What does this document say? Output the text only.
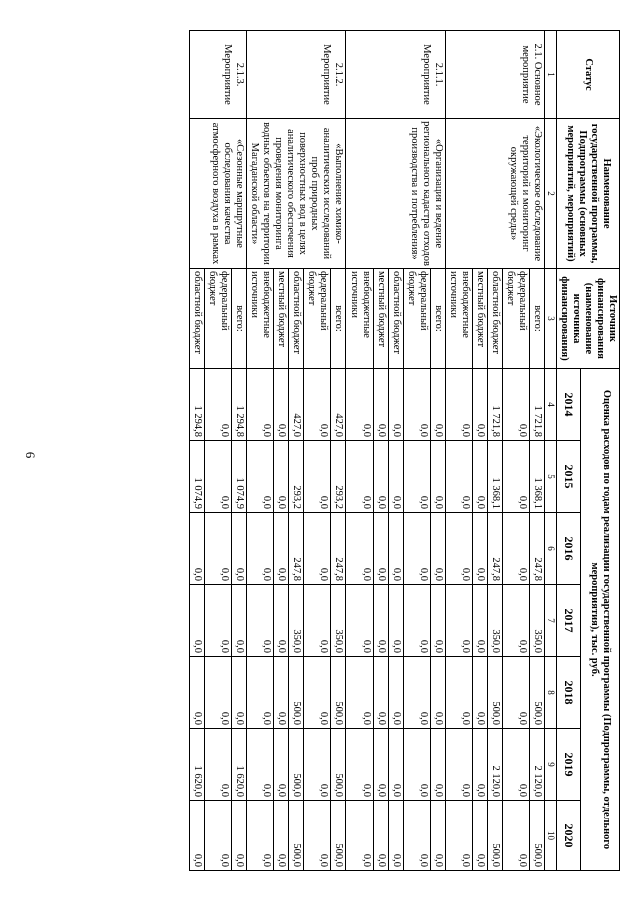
6
Статус	Наименование государственной программы, Подпрограммы (основных мероприятий, мероприятий)	Источник финансирования (наименование источника финансирования)	Оценка расходов по годам реализации государственной программы (Подпрограммы, отдельного мероприятия), тыс. руб.						
			2014	2015	2016	2017	2018	2019	2020
1	2	3	4	5	6	7	8	9	10
2.1. Основное мероприятие	«Экологическое обследование территорий и мониторинг окружающей среды»	всего:	1 721,8	1 368,1	247,8	350,0	500,0	2 120,0	500,0
		федеральный бюджет	0,0	0,0	0,0	0,0	0,0	0,0	0,0
		областной бюджет	1 721,8	1 368,1	247,8	350,0	500,0	2 120,0	500,0
		местный бюджет	0,0	0,0	0,0	0,0	0,0	0,0	0,0
		внебюджетные источники	0,0	0,0	0,0	0,0	0,0	0,0	0,0
2.1.1. Мероприятие	«Организация и ведение регионального кадастра отходов производства и потребления»	всего:	0,0	0,0	0,0	0,0	0,0	0,0	0,0
		федеральный бюджет	0,0	0,0	0,0	0,0	0,0	0,0	0,0
		областной бюджет	0,0	0,0	0,0	0,0	0,0	0,0	0,0
		местный бюджет	0,0	0,0	0,0	0,0	0,0	0,0	0,0
		внебюджетные источники	0,0	0,0	0,0	0,0	0,0	0,0	0,0
2.1.2. Мероприятие	«Выполнение химико-аналитических исследований проб природных поверхностных вод в целях аналитического обеспечения проведения мониторинга водных объектов на территории Магаданской области»	всего:	427,0	293,2	247,8	350,0	500,0	500,0	500,0
		федеральный бюджет	0,0	0,0	0,0	0,0	0,0	0,0	0,0
		областной бюджет	427,0	293,2	247,8	350,0	500,0	500,0	500,0
		местный бюджет	0,0	0,0	0,0	0,0	0,0	0,0	0,0
		внебюджетные источники	0,0	0,0	0,0	0,0	0,0	0,0	0,0
2.1.3. Мероприятие	«Сезонные маршрутные обследования качества атмосферного воздуха в рамках	всего:	1 294,8	1 074,9	0,0	0,0	0,0	1 620,0	0,0
		федеральный бюджет	0,0	0,0	0,0	0,0	0,0	0,0	0,0
		областной бюджет	1 294,8	1 074,9	0,0	0,0	0,0	1 620,0	0,0
